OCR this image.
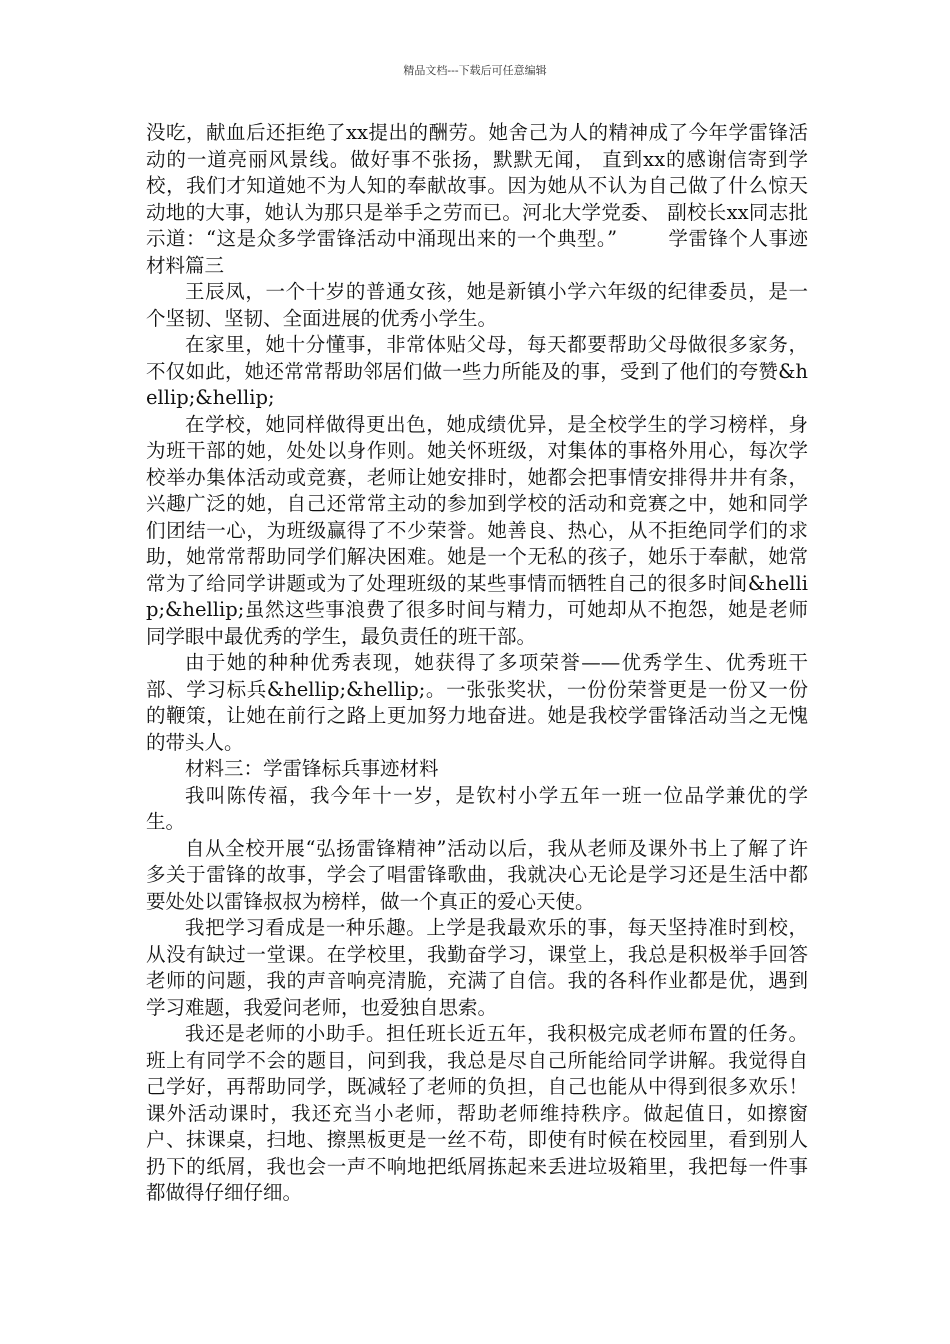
精品文档---下载后可任意编辑

没吃，献血后还拒绝了xx提出的酬劳。她舍己为人的精神成了今年学雷锋活动的一道亮丽风景线。做好事不张扬，默默无闻， 直到xx的感谢信寄到学校，我们才知道她不为人知的奉献故事。因为她从不认为自己做了什么惊天动地的大事，她认为那只是举手之劳而已。河北大学党委、 副校长xx同志批示道：“这是众多学雷锋活动中涌现出来的一个典型。”	学雷锋个人事迹材料篇三

王辰凤，一个十岁的普通女孩，她是新镇小学六年级的纪律委员，是一个坚韧、坚韧、全面进展的优秀小学生。

在家里，她十分懂事，非常体贴父母，每天都要帮助父母做很多家务，不仅如此，她还常常帮助邻居们做一些力所能及的事，受到了他们的夸赞&hellip;&hellip;

在学校，她同样做得更出色，她成绩优异，是全校学生的学习榜样，身为班干部的她，处处以身作则。她关怀班级，对集体的事格外用心，每次学校举办集体活动或竞赛，老师让她安排时，她都会把事情安排得井井有条，兴趣广泛的她，自己还常常主动的参加到学校的活动和竞赛之中，她和同学们团结一心，为班级赢得了不少荣誉。她善良、热心，从不拒绝同学们的求助，她常常帮助同学们解决困难。她是一个无私的孩子，她乐于奉献，她常常为了给同学讲题或为了处理班级的某些事情而牺牲自己的很多时间&hellip;&hellip;虽然这些事浪费了很多时间与精力，可她却从不抱怨，她是老师同学眼中最优秀的学生，最负责任的班干部。

由于她的种种优秀表现，她获得了多项荣誉——优秀学生、优秀班干部、学习标兵&hellip;&hellip;。一张张奖状，一份份荣誉更是一份又一份的鞭策，让她在前行之路上更加努力地奋进。她是我校学雷锋活动当之无愧的带头人。

材料三：学雷锋标兵事迹材料

我叫陈传福，我今年十一岁，是钦村小学五年一班一位品学兼优的学生。

自从全校开展“弘扬雷锋精神”活动以后，我从老师及课外书上了解了许多关于雷锋的故事，学会了唱雷锋歌曲，我就决心无论是学习还是生活中都要处处以雷锋叔叔为榜样，做一个真正的爱心天使。

我把学习看成是一种乐趣。上学是我最欢乐的事，每天坚持准时到校，从没有缺过一堂课。在学校里，我勤奋学习，课堂上，我总是积极举手回答老师的问题，我的声音响亮清脆，充满了自信。我的各科作业都是优，遇到学习难题，我爱问老师，也爱独自思索。

我还是老师的小助手。担任班长近五年，我积极完成老师布置的任务。班上有同学不会的题目，问到我，我总是尽自己所能给同学讲解。我觉得自己学好，再帮助同学，既减轻了老师的负担，自己也能从中得到很多欢乐！课外活动课时，我还充当小老师，帮助老师维持秩序。做起值日，如擦窗户、抹课桌，扫地、擦黑板更是一丝不苟，即使有时候在校园里，看到别人扔下的纸屑，我也会一声不响地把纸屑拣起来丢进垃圾箱里，我把每一件事都做得仔细仔细。
